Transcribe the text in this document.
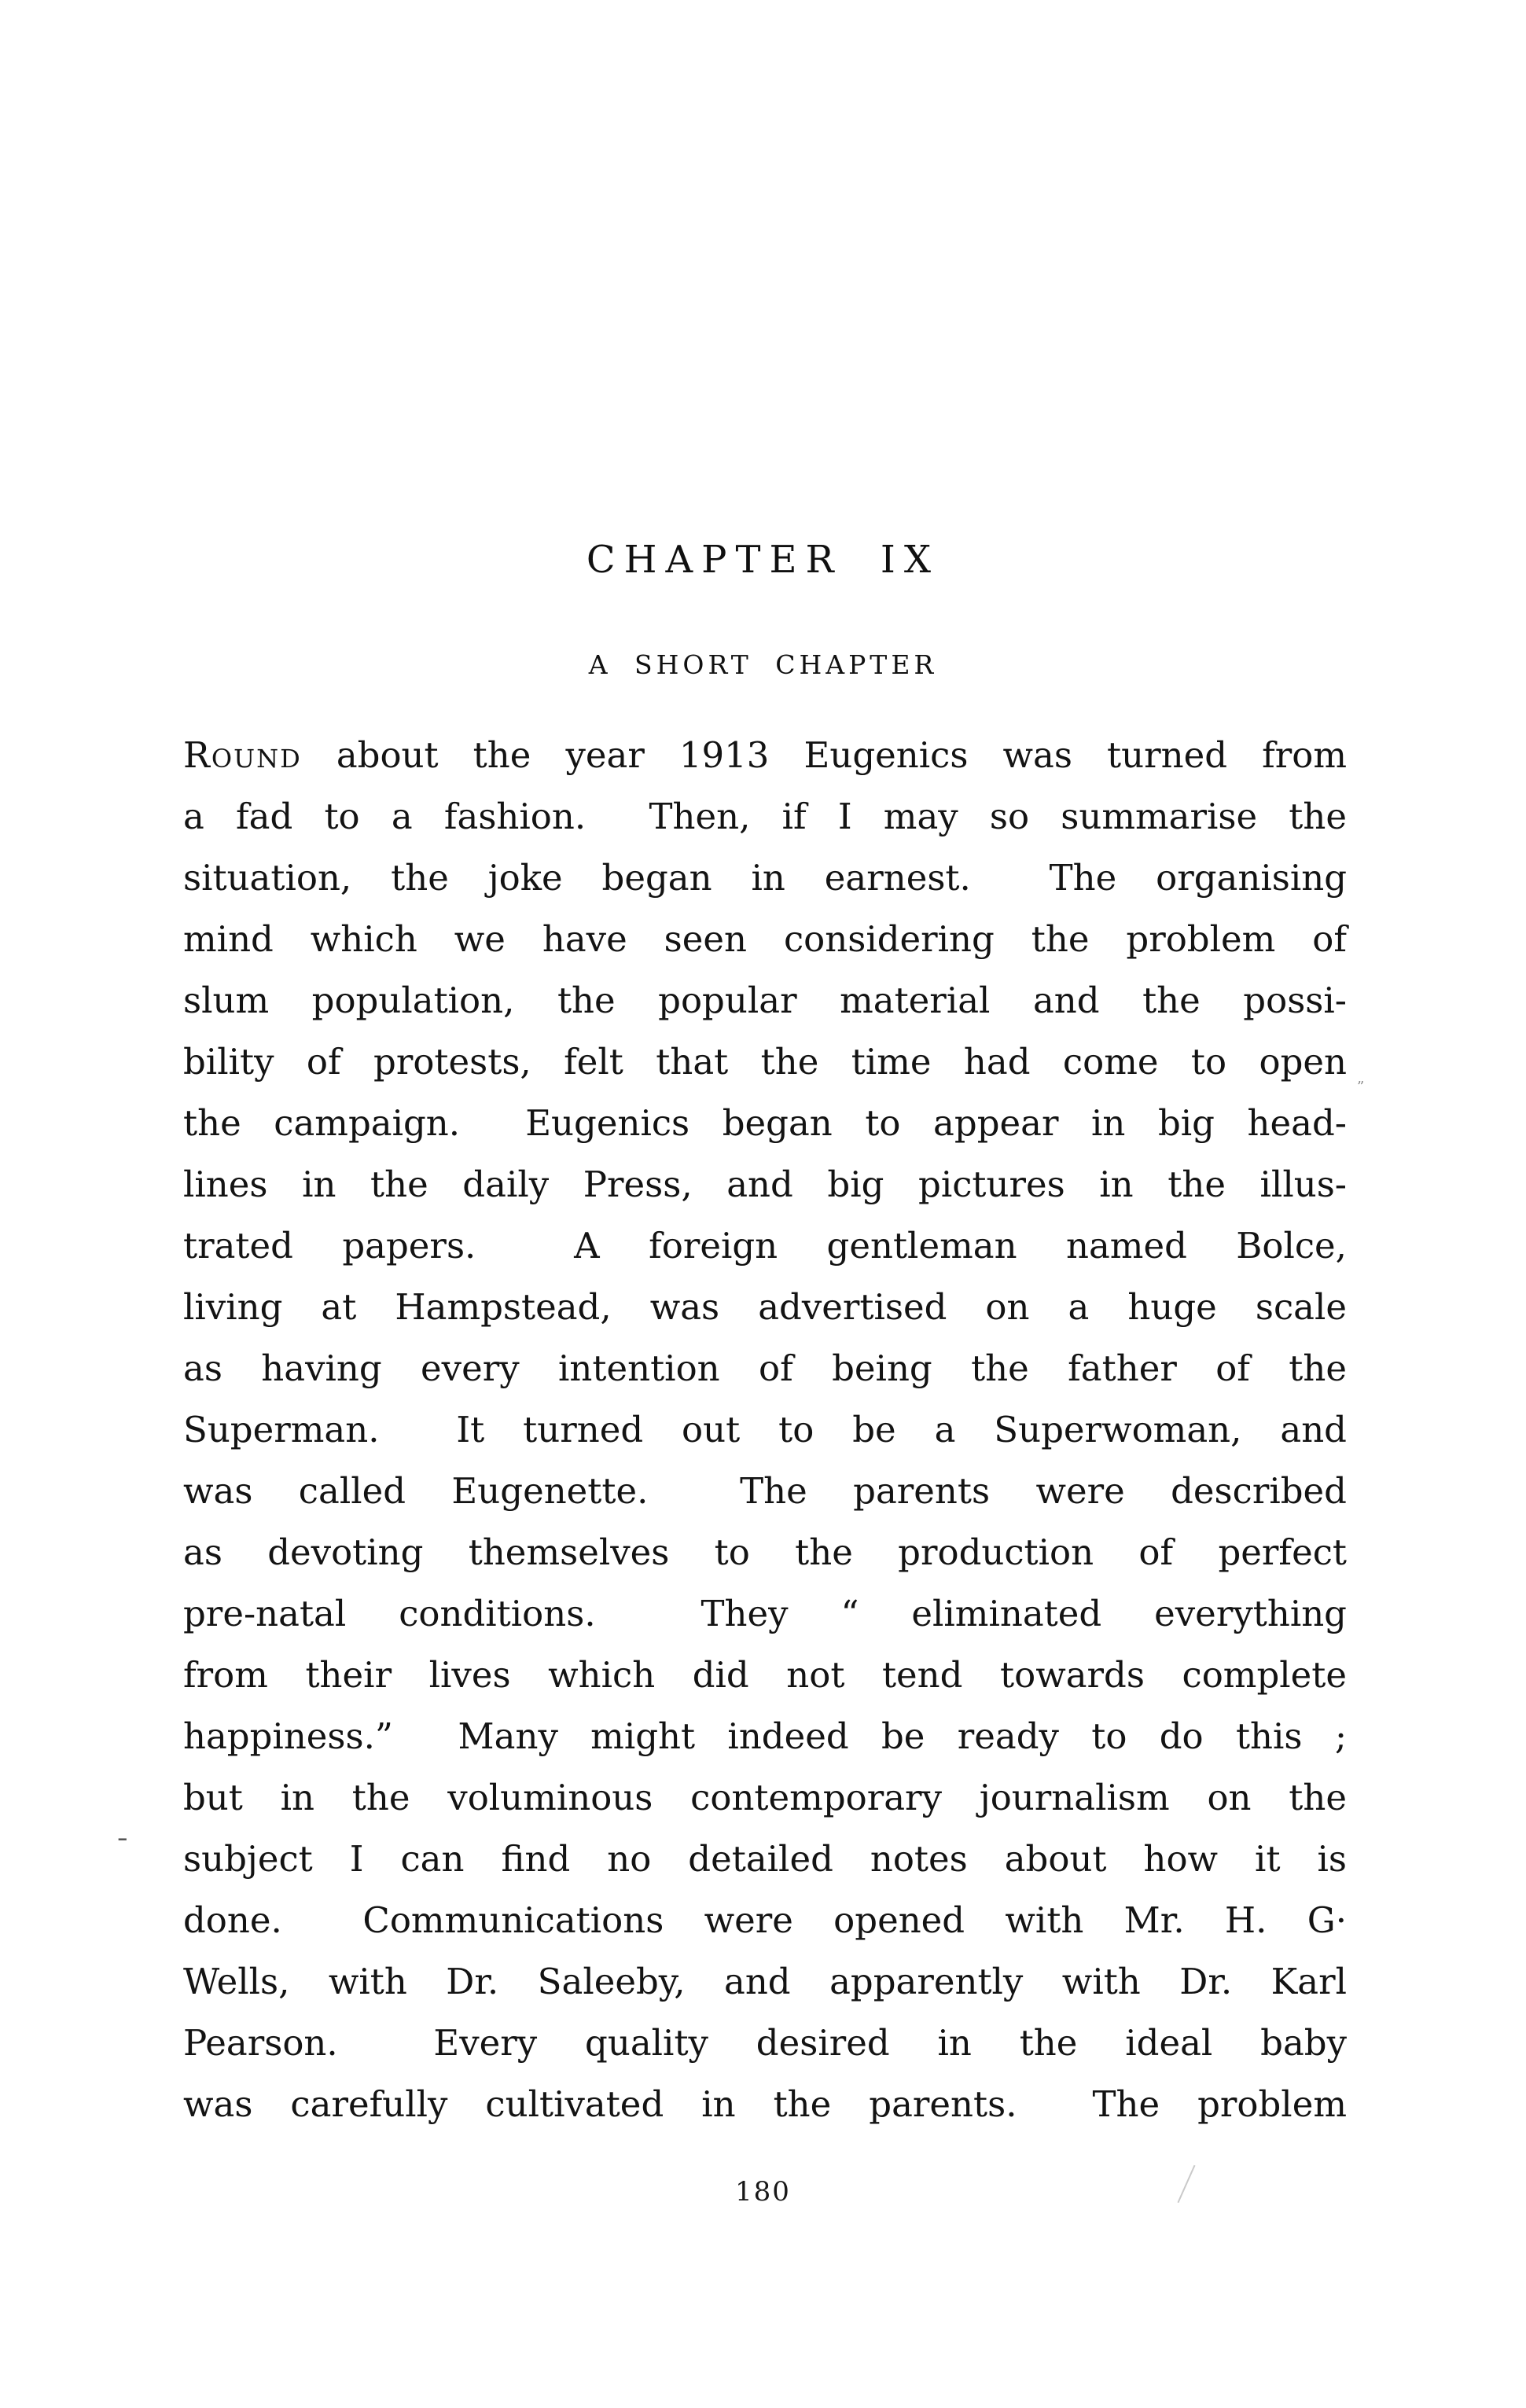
CHAPTER IX
A SHORT CHAPTER
Round about the year 1913 Eugenics was turned from
a fad to a fashion.  Then, if I may so summarise the
situation, the joke began in earnest.  The organising
mind which we have seen considering the problem of
slum population, the popular material and the possi-
bility of protests, felt that the time had come to open
the campaign.  Eugenics began to appear in big head-
lines in the daily Press, and big pictures in the illus-
trated papers.  A foreign gentleman named Bolce,
living at Hampstead, was advertised on a huge scale
as having every intention of being the father of the
Superman.  It turned out to be a Superwoman, and
was called Eugenette.  The parents were described
as devoting themselves to the production of perfect
pre-natal conditions.  They “ eliminated everything
from their lives which did not tend towards complete
happiness.”  Many might indeed be ready to do this ;
but in the voluminous contemporary journalism on the
subject I can find no detailed notes about how it is
done.  Communications were opened with Mr. H. G·
Wells, with Dr. Saleeby, and apparently with Dr. Karl
Pearson.  Every quality desired in the ideal baby
was carefully cultivated in the parents.  The problem
180
-
”
